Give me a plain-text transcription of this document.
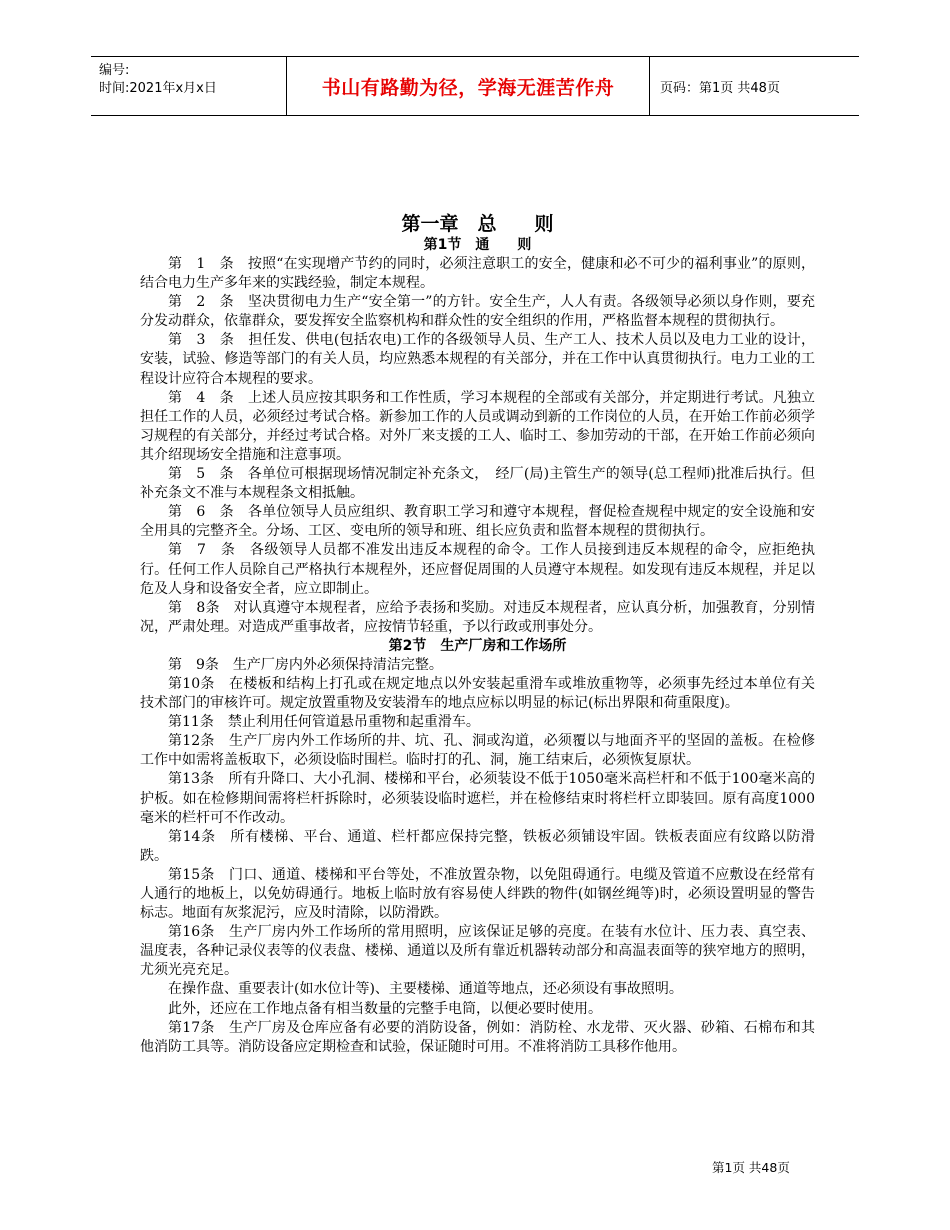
编号:
时间:2021年x月x日	书山有路勤为径，学海无涯苦作舟	页码：第1页 共48页
第一章　总　　则
第1节　通　　则

第　1　条　按照“在实现增产节约的同时，必须注意职工的安全，健康和必不可少的福利事业”的原则，结合电力生产多年来的实践经验，制定本规程。

第　2　条　坚决贯彻电力生产“安全第一”的方针。安全生产，人人有责。各级领导必须以身作则，要充分发动群众，依靠群众，要发挥安全监察机构和群众性的安全组织的作用，严格监督本规程的贯彻执行。

第　3　条　担任发、供电(包括农电)工作的各级领导人员、生产工人、技术人员以及电力工业的设计，安装，试验、修造等部门的有关人员，均应熟悉本规程的有关部分，并在工作中认真贯彻执行。电力工业的工程设计应符合本规程的要求。

第　4　条　上述人员应按其职务和工作性质，学习本规程的全部或有关部分，并定期进行考试。凡独立担任工作的人员，必须经过考试合格。新参加工作的人员或调动到新的工作岗位的人员，在开始工作前必须学习规程的有关部分，并经过考试合格。对外厂来支援的工人、临时工、参加劳动的干部，在开始工作前必须向其介绍现场安全措施和注意事项。

第　5　条　各单位可根据现场情况制定补充条文，　经厂(局)主管生产的领导(总工程师)批准后执行。但补充条文不准与本规程条文相抵触。

第　6　条　各单位领导人员应组织、教育职工学习和遵守本规程，督促检查规程中规定的安全设施和安全用具的完整齐全。分场、工区、变电所的领导和班、组长应负责和监督本规程的贯彻执行。

第　7　条　各级领导人员都不准发出违反本规程的命令。工作人员接到违反本规程的命令，应拒绝执行。任何工作人员除自己严格执行本规程外，还应督促周围的人员遵守本规程。如发现有违反本规程，并足以危及人身和设备安全者，应立即制止。

第　8条　对认真遵守本规程者，应给予表扬和奖励。对违反本规程者，应认真分析，加强教育，分别情况，严肃处理。对造成严重事故者，应按情节轻重，予以行政或刑事处分。

第2节　生产厂房和工作场所

第　9条　生产厂房内外必须保持清洁完整。

第10条　在楼板和结构上打孔或在规定地点以外安装起重滑车或堆放重物等，必须事先经过本单位有关技术部门的审核许可。规定放置重物及安装滑车的地点应标以明显的标记(标出界限和荷重限度)。

第11条　禁止利用任何管道悬吊重物和起重滑车。

第12条　生产厂房内外工作场所的井、坑、孔、洞或沟道，必须覆以与地面齐平的坚固的盖板。在检修工作中如需将盖板取下，必须设临时围栏。临时打的孔、洞，施工结束后，必须恢复原状。

第13条　所有升降口、大小孔洞、楼梯和平台，必须装设不低于1050毫米高栏杆和不低于100毫米高的护板。如在检修期间需将栏杆拆除时，必须装设临时遮栏，并在检修结束时将栏杆立即装回。原有高度1000毫米的栏杆可不作改动。

第14条　所有楼梯、平台、通道、栏杆都应保持完整，铁板必须铺设牢固。铁板表面应有纹路以防滑跌。

第15条　门口、通道、楼梯和平台等处，不准放置杂物，以免阻碍通行。电缆及管道不应敷设在经常有人通行的地板上，以免妨碍通行。地板上临时放有容易使人绊跌的物件(如钢丝绳等)时，必须设置明显的警告标志。地面有灰浆泥污，应及时清除，以防滑跌。

第16条　生产厂房内外工作场所的常用照明，应该保证足够的亮度。在装有水位计、压力表、真空表、温度表，各种记录仪表等的仪表盘、楼梯、通道以及所有靠近机器转动部分和高温表面等的狭窄地方的照明，尤须光亮充足。

在操作盘、重要表计(如水位计等)、主要楼梯、通道等地点，还必须设有事故照明。

此外，还应在工作地点备有相当数量的完整手电筒，以便必要时使用。

第17条　生产厂房及仓库应备有必要的消防设备，例如：消防栓、水龙带、灭火器、砂箱、石棉布和其他消防工具等。消防设备应定期检查和试验，保证随时可用。不准将消防工具移作他用。

第1页 共48页
